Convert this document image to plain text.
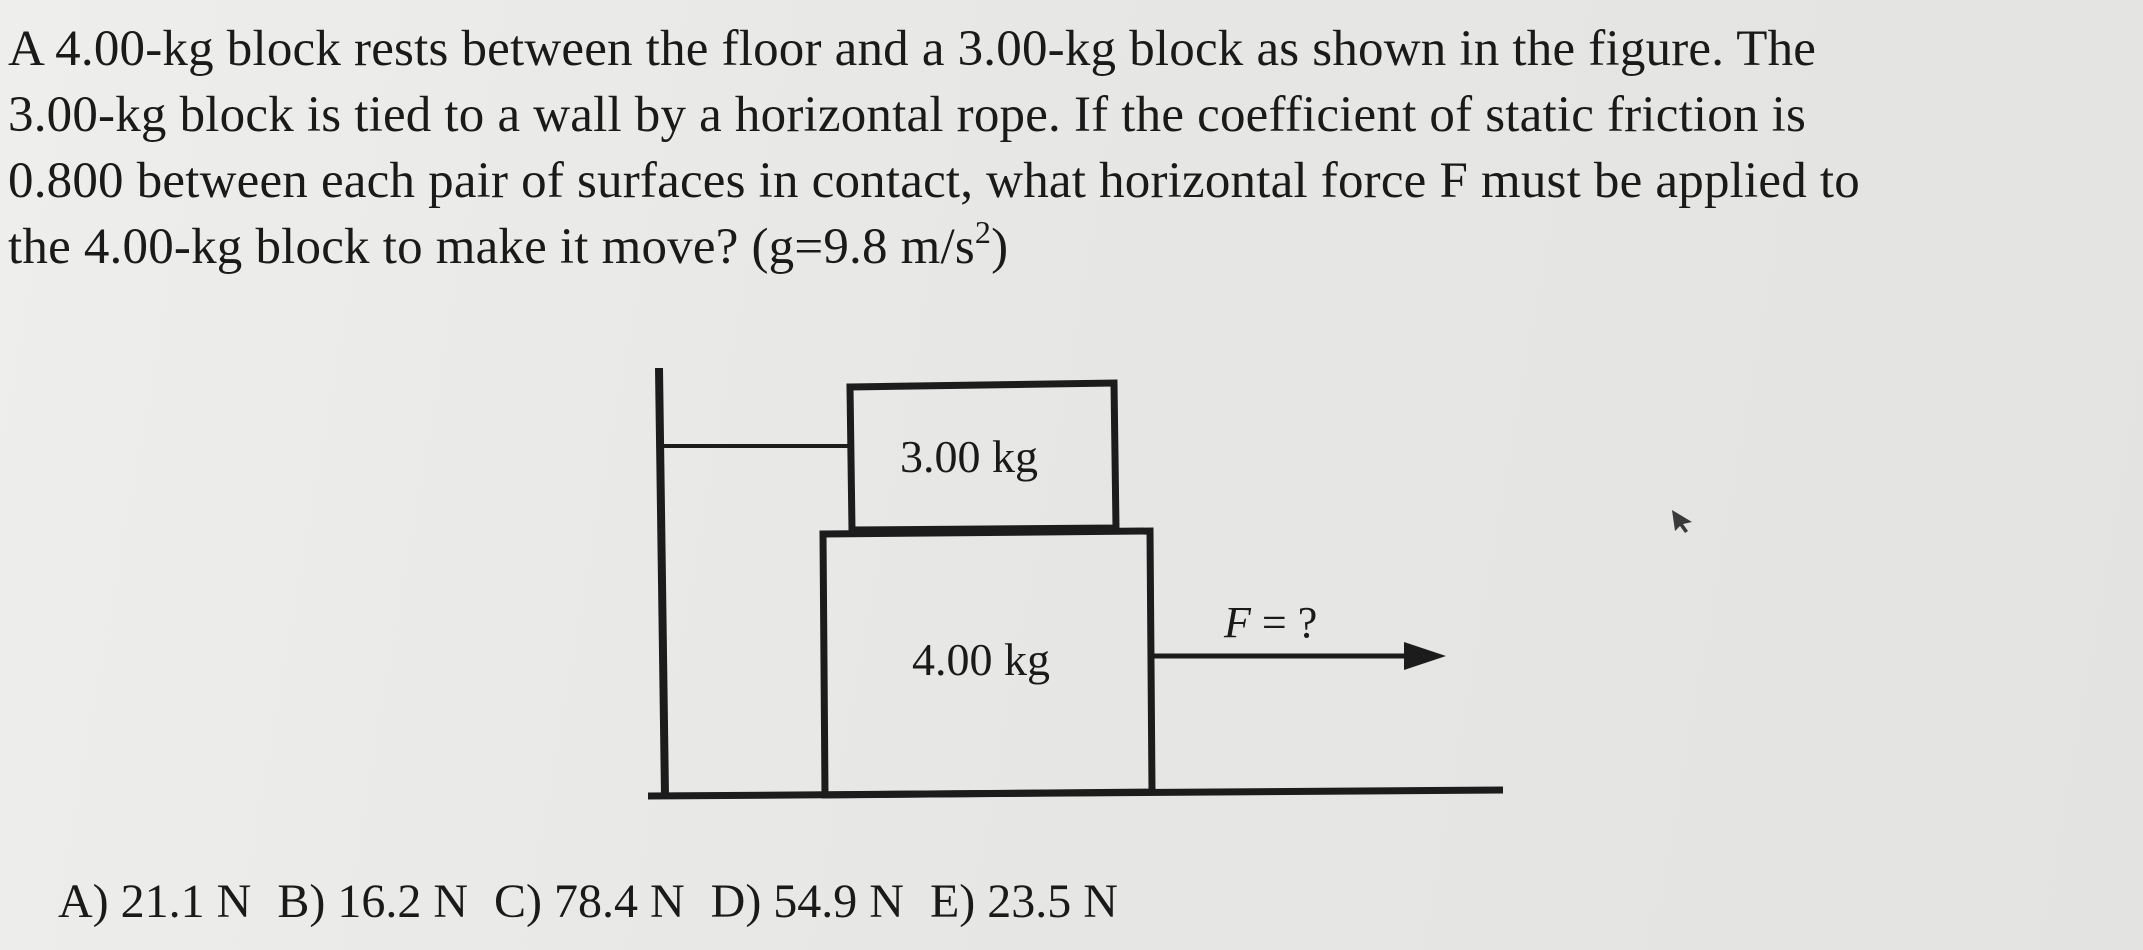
A 4.00-kg block rests between the floor and a 3.00-kg block as shown in the figure. The
3.00-kg block is tied to a wall by a horizontal rope. If the coefficient of static friction is
0.800 between each pair of surfaces in contact, what horizontal force F must be applied to
the 4.00-kg block to make it move? (g=9.8 $m/s^2$)
3.00 kg
4.00 kg
F = ?
A) 21.1 N B) 16.2 N C) 78.4 N D) 54.9 N E) 23.5 N
